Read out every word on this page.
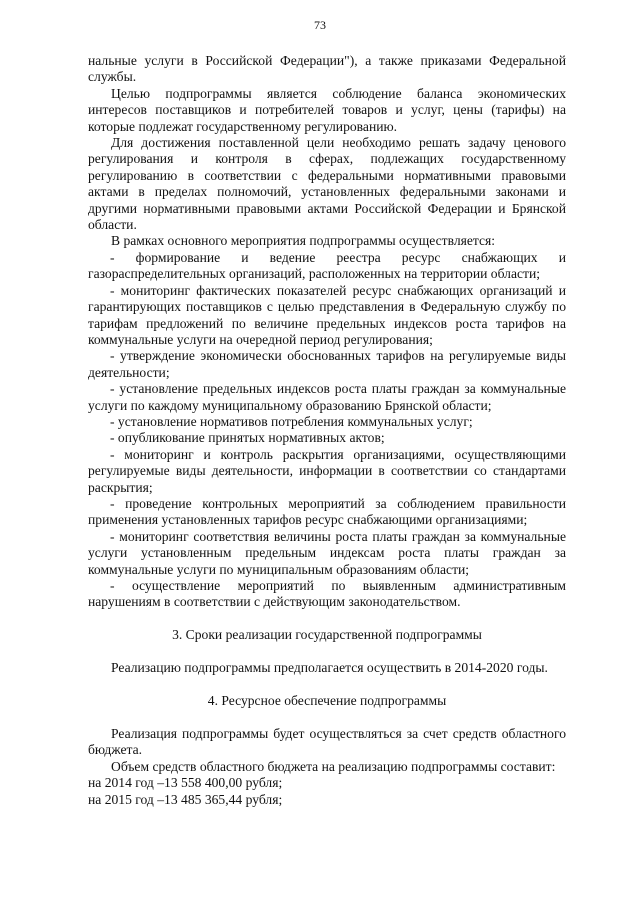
73

нальные услуги в Российской Федерации"), а также приказами Федеральной службы.

Целью подпрограммы является соблюдение баланса экономических интересов поставщиков и потребителей товаров и услуг, цены (тарифы) на которые подлежат государственному регулированию.

Для достижения поставленной цели необходимо решать задачу ценового регулирования и контроля в сферах, подлежащих государственному регулированию в соответствии с федеральными нормативными правовыми актами в пределах полномочий, установленных федеральными законами и другими нормативными правовыми актами Российской Федерации и Брянской области.

В рамках основного мероприятия подпрограммы осуществляется:

- формирование и ведение реестра ресурс снабжающих и газораспределительных организаций, расположенных на территории области;

- мониторинг фактических показателей ресурс снабжающих организаций и гарантирующих поставщиков с целью представления в Федеральную службу по тарифам предложений по величине предельных индексов роста тарифов на коммунальные услуги на очередной период регулирования;

- утверждение экономически обоснованных тарифов на регулируемые виды деятельности;

- установление предельных индексов роста платы граждан за коммунальные услуги по каждому муниципальному образованию Брянской области;

- установление нормативов потребления коммунальных услуг;

- опубликование принятых нормативных актов;

- мониторинг и контроль раскрытия организациями, осуществляющими регулируемые виды деятельности, информации в соответствии со стандартами раскрытия;

- проведение контрольных мероприятий за соблюдением правильности применения установленных тарифов ресурс снабжающими организациями;

- мониторинг соответствия величины роста платы граждан за коммунальные услуги установленным предельным индексам роста платы граждан за коммунальные услуги по муниципальным образованиям области;

- осуществление мероприятий по выявленным административным нарушениям в соответствии с действующим законодательством.

3. Сроки реализации государственной подпрограммы

Реализацию подпрограммы предполагается осуществить в 2014-2020 годы.

4. Ресурсное обеспечение подпрограммы

Реализация подпрограммы будет осуществляться за счет средств областного бюджета.

Объем средств областного бюджета на реализацию подпрограммы составит:

на 2014 год –13 558 400,00 рубля;

на 2015 год –13 485 365,44 рубля;
